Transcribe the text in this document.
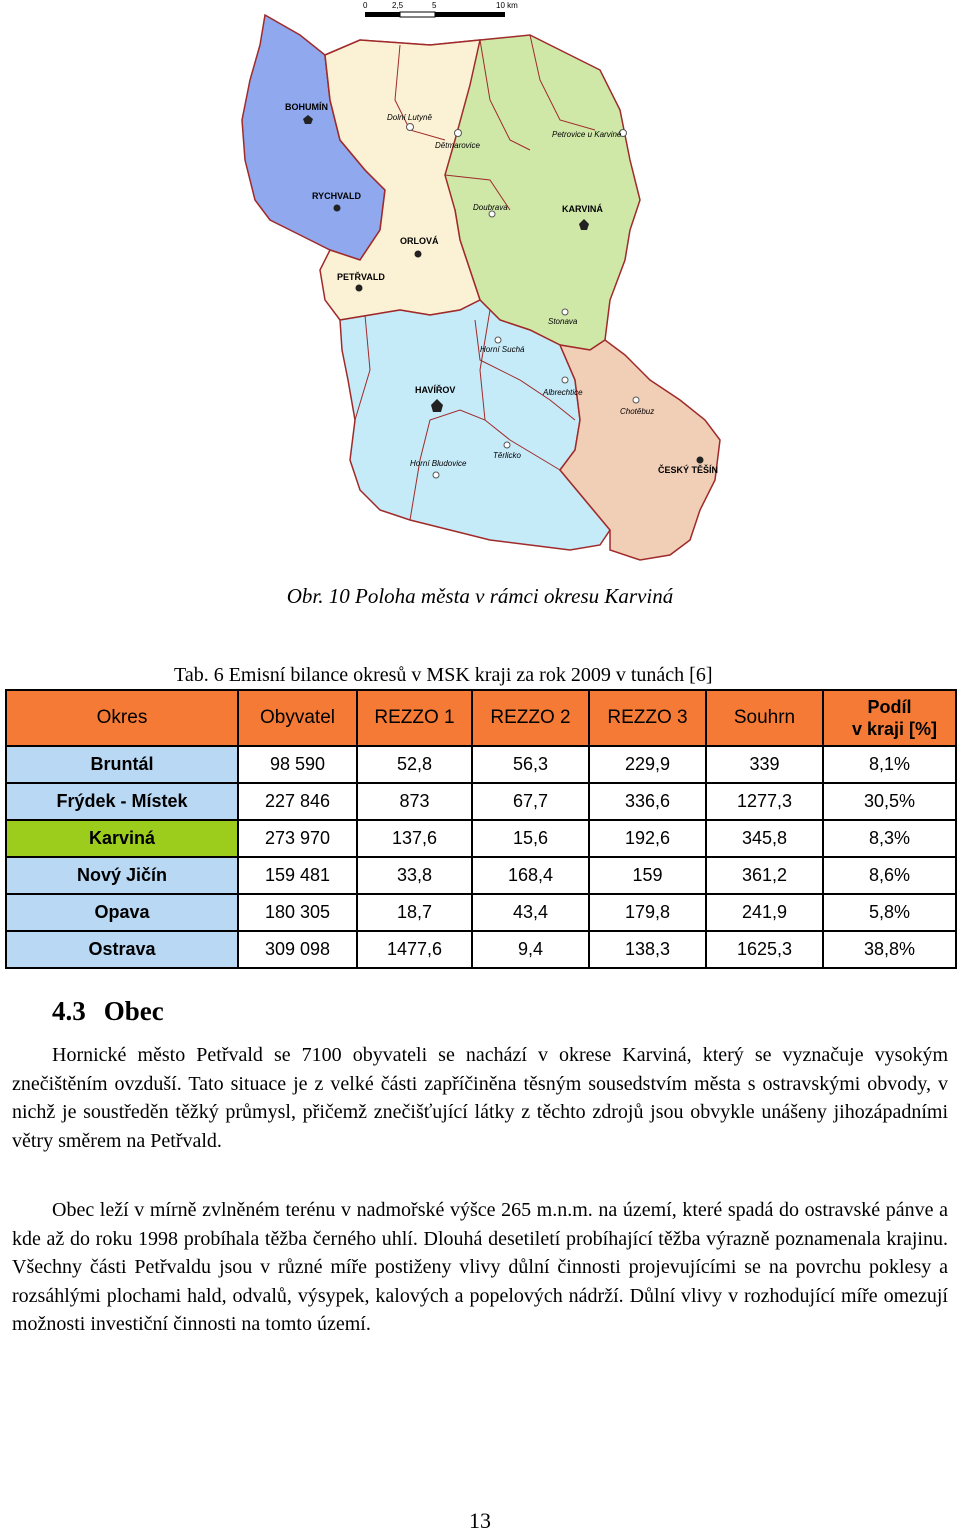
0	2,5	5	10 km
BOHUMÍN
Dolní Lutyně
Dětmarovice
Petrovice u Karviné
RYCHVALD
Doubrava	KARVINÁ
ORLOVÁ
PETŘVALD
Stonava
Horní Suchá
HAVÍŘOV	Albrechtice
Chotěbuz
Těrlicko
Horní Bludovice
ČESKÝ TĚŠÍN
Obr. 10 Poloha města v rámci okresu Karviná
Tab. 6 Emisní bilance okresů v MSK kraji za rok 2009 v tunách [6]
Okres	Obyvatel	REZZO 1	REZZO 2	REZZO 3	Souhrn	Podíl
v kraji [%]

Bruntál	98 590	52,8	56,3	229,9	339	8,1%
Frýdek - Místek	227 846	873	67,7	336,6	1277,3	30,5%
Karviná	273 970	137,6	15,6	192,6	345,8	8,3%
Nový Jičín	159 481	33,8	168,4	159	361,2	8,6%
Opava	180 305	18,7	43,4	179,8	241,9	5,8%
Ostrava	309 098	1477,6	9,4	138,3	1625,3	38,8%
4.3 Obec
Hornické město Petřvald se 7100 obyvateli se nachází v okrese Karviná, který se vyznačuje vysokým znečištěním ovzduší. Tato situace je z velké části zapříčiněna těsným sousedstvím města s ostravskými obvody, v nichž je soustředěn těžký průmysl, přičemž znečišťující látky z těchto zdrojů jsou obvykle unášeny jihozápadními větry směrem na Petřvald.
Obec leží v mírně zvlněném terénu v nadmořské výšce 265 m.n.m. na území, které spadá do ostravské pánve a kde až do roku 1998 probíhala těžba černého uhlí. Dlouhá desetiletí probíhající těžba výrazně poznamenala krajinu. Všechny části Petřvaldu jsou v různé míře postiženy vlivy důlní činnosti projevujícími se na povrchu poklesy a rozsáhlými plochami hald, odvalů, výsypek, kalových a popelových nádrží. Důlní vlivy v rozhodující míře omezují možnosti investiční činnosti na tomto území.
13
